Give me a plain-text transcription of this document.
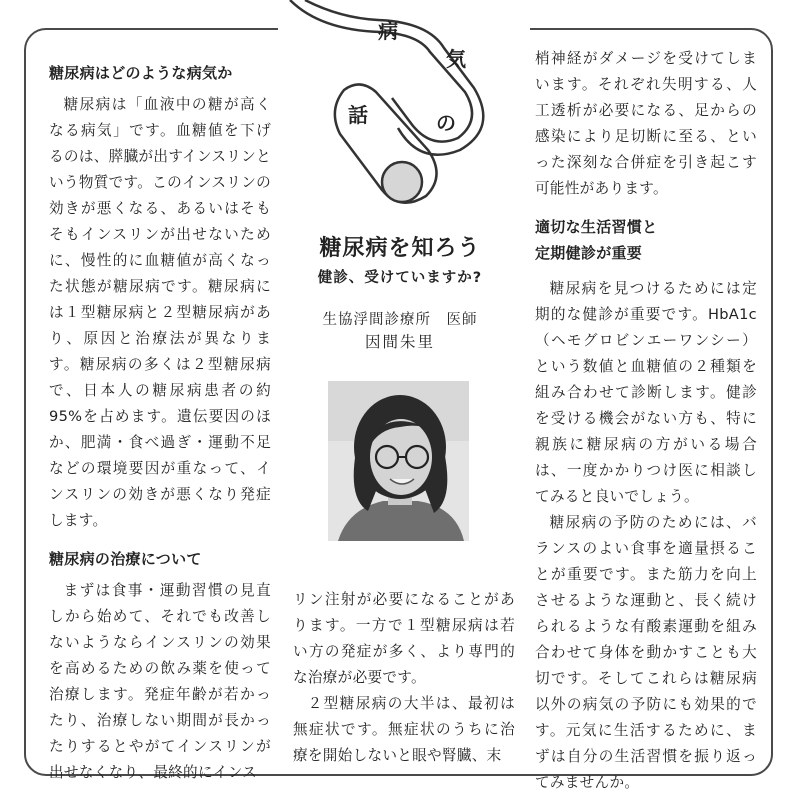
病
気
の
話
糖尿病はどのような病気か

糖尿病は「血液中の糖が高くなる病気」です。血糖値を下げるのは、膵臓が出すインスリンという物質です。このインスリンの効きが悪くなる、あるいはそもそもインスリンが出せないために、慢性的に血糖値が高くなった状態が糖尿病です。糖尿病には１型糖尿病と２型糖尿病があり、原因と治療法が異なります。糖尿病の多くは２型糖尿病で、日本人の糖尿病患者の約95%を占めます。遺伝要因のほか、肥満・食べ過ぎ・運動不足などの環境要因が重なって、インスリンの効きが悪くなり発症します。

糖尿病の治療について

まずは食事・運動習慣の見直しから始めて、それでも改善しないようならインスリンの効果を高めるための飲み薬を使って治療します。発症年齢が若かったり、治療しない期間が長かったりするとやがてインスリンが出せなくなり、最終的にインス

糖尿病を知ろう
健診、受けていますか?
生協浮間診療所　医師
因間朱里

リン注射が必要になることがあります。一方で１型糖尿病は若い方の発症が多く、より専門的な治療が必要です。

２型糖尿病の大半は、最初は無症状です。無症状のうちに治療を開始しないと眼や腎臓、末

梢神経がダメージを受けてしまいます。それぞれ失明する、人工透析が必要になる、足からの感染により足切断に至る、といった深刻な合併症を引き起こす可能性があります。

適切な生活習慣と
定期健診が重要

糖尿病を見つけるためには定期的な健診が重要です。HbA1c（ヘモグロビンエーワンシー）という数値と血糖値の２種類を組み合わせて診断します。健診を受ける機会がない方も、特に親族に糖尿病の方がいる場合は、一度かかりつけ医に相談してみると良いでしょう。

糖尿病の予防のためには、バランスのよい食事を適量摂ることが重要です。また筋力を向上させるような運動と、長く続けられるような有酸素運動を組み合わせて身体を動かすことも大切です。そしてこれらは糖尿病以外の病気の予防にも効果的です。元気に生活するために、まずは自分の生活習慣を振り返ってみませんか。
